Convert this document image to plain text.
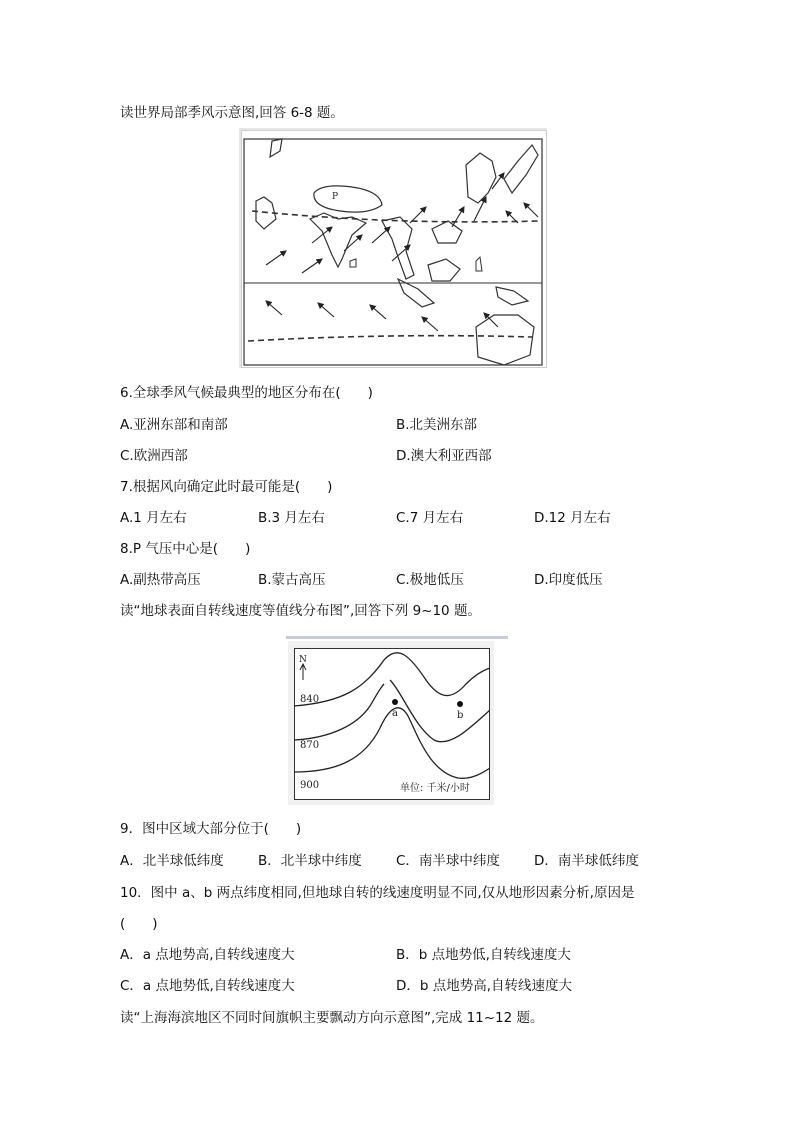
读世界局部季风示意图,回答 6-8 题。
P
6.全球季风气候最典型的地区分布在(　　)
A.亚洲东部和南部	B.北美洲东部
C.欧洲西部	D.澳大利亚西部
7.根据风向确定此时最可能是(　　)
A.1 月左右	B.3 月左右	C.7 月左右	D.12 月左右
8.P 气压中心是(　　)
A.副热带高压	B.蒙古高压	C.极地低压	D.印度低压
读“地球表面自转线速度等值线分布图”,回答下列 9~10 题。
N
840
870
900
a	b
单位: 千米/小时
9．图中区域大部分位于(　　)
A．北半球低纬度	B．北半球中纬度	C．南半球中纬度	D．南半球低纬度
10．图中 a、b 两点纬度相同,但地球自转的线速度明显不同,仅从地形因素分析,原因是
(　　)
A．a 点地势高,自转线速度大	B．b 点地势低,自转线速度大
C．a 点地势低,自转线速度大	D．b 点地势高,自转线速度大
读“上海海滨地区不同时间旗帜主要飘动方向示意图”,完成 11~12 题。
